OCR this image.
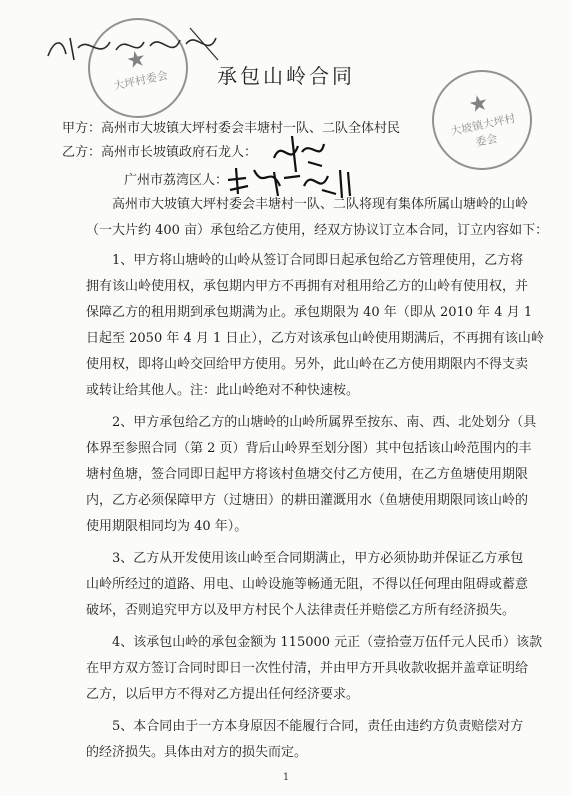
★
大坪村委会
★
大坡镇大坪村委会
承包山岭合同
甲方：高州市大坡镇大坪村委会丰塘村一队、二队全体村民
乙方：高州市长坡镇政府石龙人：
广州市荔湾区人：
高州市大坡镇大坪村委会丰塘村一队、二队将现有集体所属山塘岭的山岭
（一大片约 400 亩）承包给乙方使用，经双方协议订立本合同，订立内容如下：
1、甲方将山塘岭的山岭从签订合同即日起承包给乙方管理使用，乙方将
拥有该山岭使用权，承包期内甲方不再拥有对租用给乙方的山岭有使用权，并
保障乙方的租用期到承包期满为止。承包期限为 40 年（即从 2010 年 4 月 1
日起至 2050 年 4 月 1 日止），乙方对该承包山岭使用期满后，不再拥有该山岭
使用权，即将山岭交回给甲方使用。另外，此山岭在乙方使用期限内不得支卖
或转让给其他人。注：此山岭绝对不种快速桉。
2、甲方承包给乙方的山塘岭的山岭所属界至按东、南、西、北处划分（具
体界至参照合同（第 2 页）背后山岭界至划分图）其中包括该山岭范围内的丰
塘村鱼塘，签合同即日起甲方将该村鱼塘交付乙方使用，在乙方鱼塘使用期限
内，乙方必须保障甲方（过塘田）的耕田灌溉用水（鱼塘使用期限同该山岭的
使用期限相同均为 40 年）。
3、乙方从开发使用该山岭至合同期满止，甲方必须协助并保证乙方承包
山岭所经过的道路、用电、山岭设施等畅通无阻，不得以任何理由阻碍或蓄意
破坏，否则追究甲方以及甲方村民个人法律责任并赔偿乙方所有经济损失。
4、该承包山岭的承包金额为 115000 元正（壹拾壹万伍仟元人民币）该款
在甲方双方签订合同时即日一次性付清，并由甲方开具收款收据并盖章证明给
乙方，以后甲方不得对乙方提出任何经济要求。
5、本合同由于一方本身原因不能履行合同，责任由违约方负责赔偿对方
的经济损失。具体由对方的损失而定。
1
